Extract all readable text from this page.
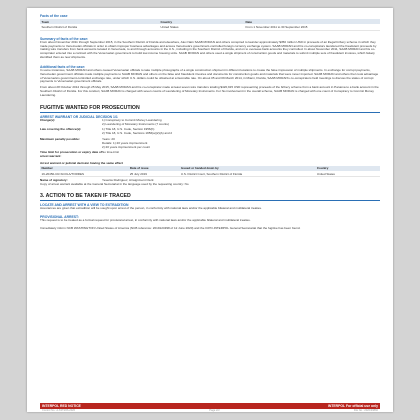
Facts of the case
Town	Country	Date
Southern District of Florida	United States	From 1 November 2011 to 30 September 2015
Summary of facts of the case:

From about November 2011 through September 2015, in the Southern District of Florida and elsewhere, Alex Nain SAAB MORAN and others conspired to launder approximately $350 million USD in proceeds of an illegal bribery scheme in which they made payments to Venezuelan officials in order to obtain improper business advantages and access Venezuela's government-controlled foreign currency exchange system. SAAB MORAN and his co-conspirators laundered the fraudulent proceeds by making wire transfers from bank accounts located in Venezuela, to and through accounts in the U.S., including in the Southern District of Florida, and on to overseas bank accounts they controlled. In about November 2011, SAAB MORAN and his co-conspirator entered into a contract with the Venezuelan government to build low-income housing units. SAAB MORAN and others used a single shipment of construction goods and materials to submit multiple sets of fraudulent invoices, which falsely identified them as new shipments.

Additional facts of the case:

In some instances, SAAB MORAN and others caused Venezuelan officials to take multiple photographs of a single construction shipment in different locations to create the false impression of multiple shipments. In exchange for corrupt payments, Venezuelan government officials made multiple payments to SAAB MORAN and others on the false and fraudulent invoices and documents for construction goods and materials that were never imported. SAAB MORAN and others then took advantage of Venezuela's government-controlled exchange rate, under which U.S. dollars could be obtained at a favorable rate. On about 05 and 09 March 2014, in Miami, Florida, SAAB MORAN's co-conspirators held meetings to discuss the status of corrupt payments to Venezuelan government officials.

From about 28 October 2014 through 25 May 2015, SAAB MORAN and his co-conspirator made at least seven wire transfers totaling $420,915 USD representing proceeds of the bribery scheme from a bank account in Panama to a bank account in the Southern District of Florida. For this conduct, SAAB MORAN is charged with seven counts of Laundering of Monetary Instruments. For his involvement in the overall scheme, SAAB MORAN is charged with one count of Conspiracy to Commit Money Laundering.

FUGITIVE WANTED FOR PROSECUTION
ARREST WARRANT OR JUDICIAL DECISION 1/1
Charge(s):	1) Conspiracy to Commit Money Laundering
2) Laundering of Monetary Instruments (7 counts)
Law covering the offence(s):	1) Title 18, U.S. Code, Section 1956(h)
2) Title 18, U.S. Code, Sections 1956(a)(2)(A) and 2
Maximum penalty possible:	Years: 20
Details: 1) 20 years imprisonment
2) 20 years imprisonment per count
Time limit for prosecution or expiry date of arrest warrant:
No time-limit
Arrest warrant or judicial decision having the same effect
Number	Date of issue	Issued or handed down by	Country
19-20450-CR-SCOLA/TORRES	25 July 2019	U.S. District Court, Southern District of Florida	United States
Name of signatory:	Yesenia Rodriguez, Arraignment Clerk
Copy of arrest warrant available at the General Secretariat in the language used by the requesting country: No
3. ACTION TO BE TAKEN IF TRACED
LOCATE AND ARREST WITH A VIEW TO EXTRADITION

Assurances are given that extradition will be sought upon arrest of the person, in conformity with national laws and/or the applicable bilateral and multilateral treaties.

PROVISIONAL ARREST:

This request is to be treated as a formal request for provisional arrest, in conformity with national laws and/or the applicable bilateral and multilateral treaties.

Immediately inform NCB WASHINGTON United States of America (NCB reference: 2019124398 of 12 June 2020) and the ICPO-INTERPOL General Secretariat that the fugitive has been found.

INTERPOL RED NOTICE	INTERPOL For official use only
Control No.: A-6373/26-2020	Page 2/2	File No.: 2020/39882
